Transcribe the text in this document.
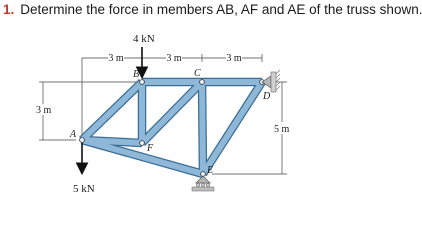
1. Determine the force in members AB, AF and AE of the truss shown.
3 m	3 m	3 m
3 m
5 m
4 kN
5 kN
B	C
D
E
F
A
